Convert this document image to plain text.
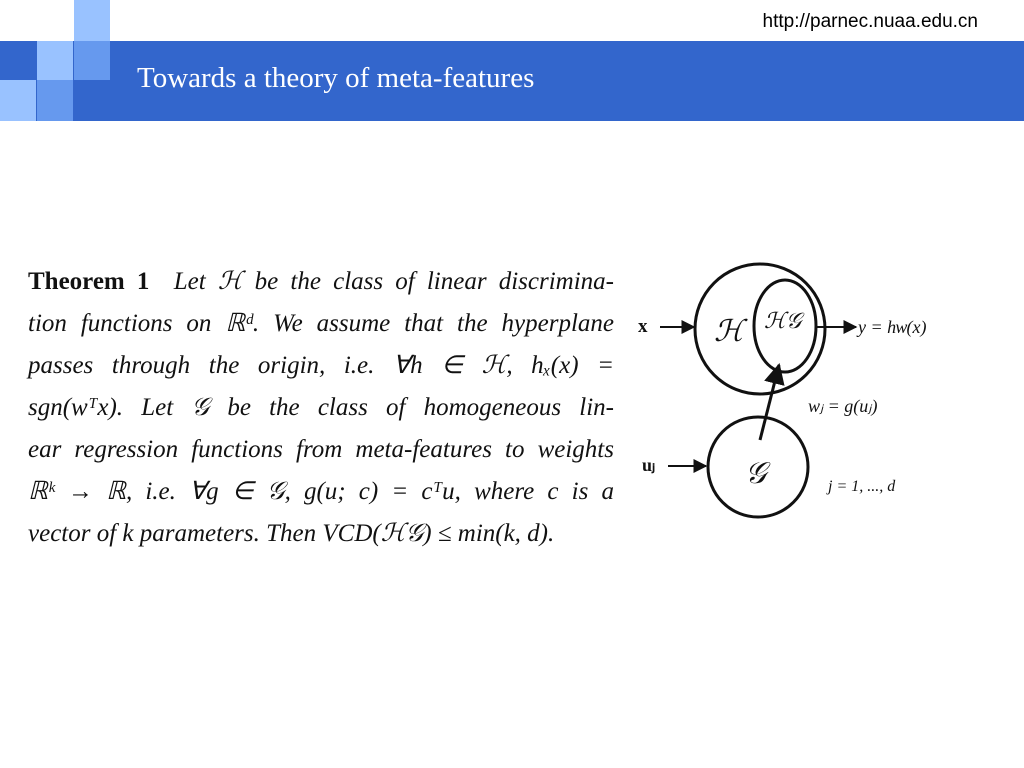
http://parnec.nuaa.edu.cn
Towards a theory of meta-features
Theorem 1 Let ℋ be the class of linear discrimina-
tion functions on ℝᵈ. We assume that the hyperplane
passes through the origin, i.e. ∀h ∈ ℋ, hₓ(x) =
sgn(wᵀx). Let 𝒢 be the class of homogeneous lin-
ear regression functions from meta-features to weights
ℝᵏ → ℝ, i.e. ∀g ∈ 𝒢, g(u; c) = cᵀu, where c is a
vector of k parameters. Then VCD(ℋ𝒢) ≤ min(k, d).
x ℋ ℋ𝒢	y = hᴡ(x)
wⱼ = g(uⱼ)
uⱼ	𝒢	j = 1, ..., d
